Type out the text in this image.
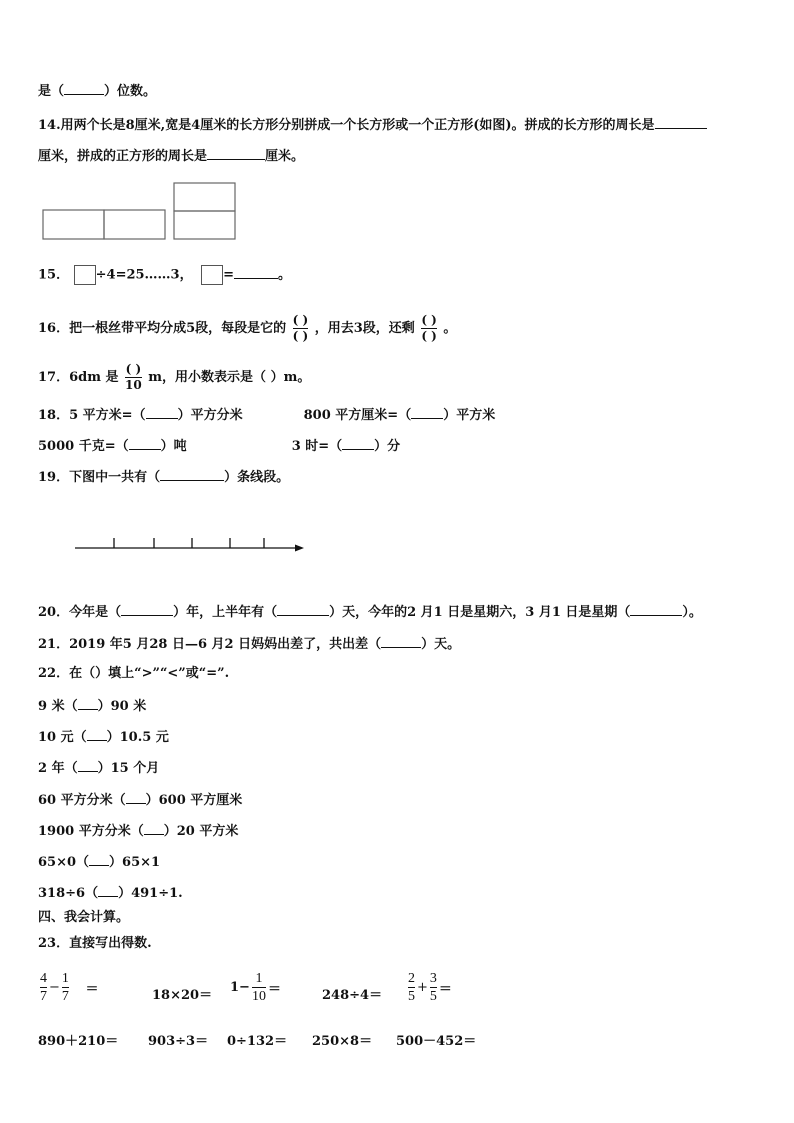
是（	）位数。
14.用两个长是8厘米,宽是4厘米的长方形分别拼成一个长方形或一个正方形(如图)。拼成的长方形的周长是
厘米，拼成的正方形的周长是	厘米。
15． ÷4=25……3， =	。
16．把一根丝带平均分成5段，每段是它的 $\frac{( )}{( )}$ ，用去3段，还剩 $\frac{( )}{( )}$ 。
17．6dm 是 $\frac{( )}{10}$ m，用小数表示是（ ）m。
18．5 平方米=（ ）平方分米	800 平方厘米=（ ）平方米
5000 千克=（ ）吨	3 时=（ ）分
19．下图中一共有（	）条线段。
20．今年是（	）年，上半年有（	）天，今年的2 月1 日是星期六，3 月1 日是星期（	）。
21．2019 年5 月28 日—6 月2 日妈妈出差了，共出差（	）天。
22．在（）填上“>”“<”或“=”.
9 米（ ）90 米
10 元（ ）10.5 元
2 年（ ）15 个月
60 平方分米（ ）600 平方厘米
1900 平方分米（ ）20 平方米
65×0（ ）65×1
318÷6（ ）491÷1.
四、我会计算。
23．直接写出得数.
$\frac{4}{7} - \frac{1}{7}$ ＝	18×20＝
$1- \frac{1}{10}$ ＝	$248\div 4= \frac{2}{5} + \frac{3}{5}$ ＝
890＋210＝ 903÷3＝ 0÷132＝ 250×8＝ 500－452＝
